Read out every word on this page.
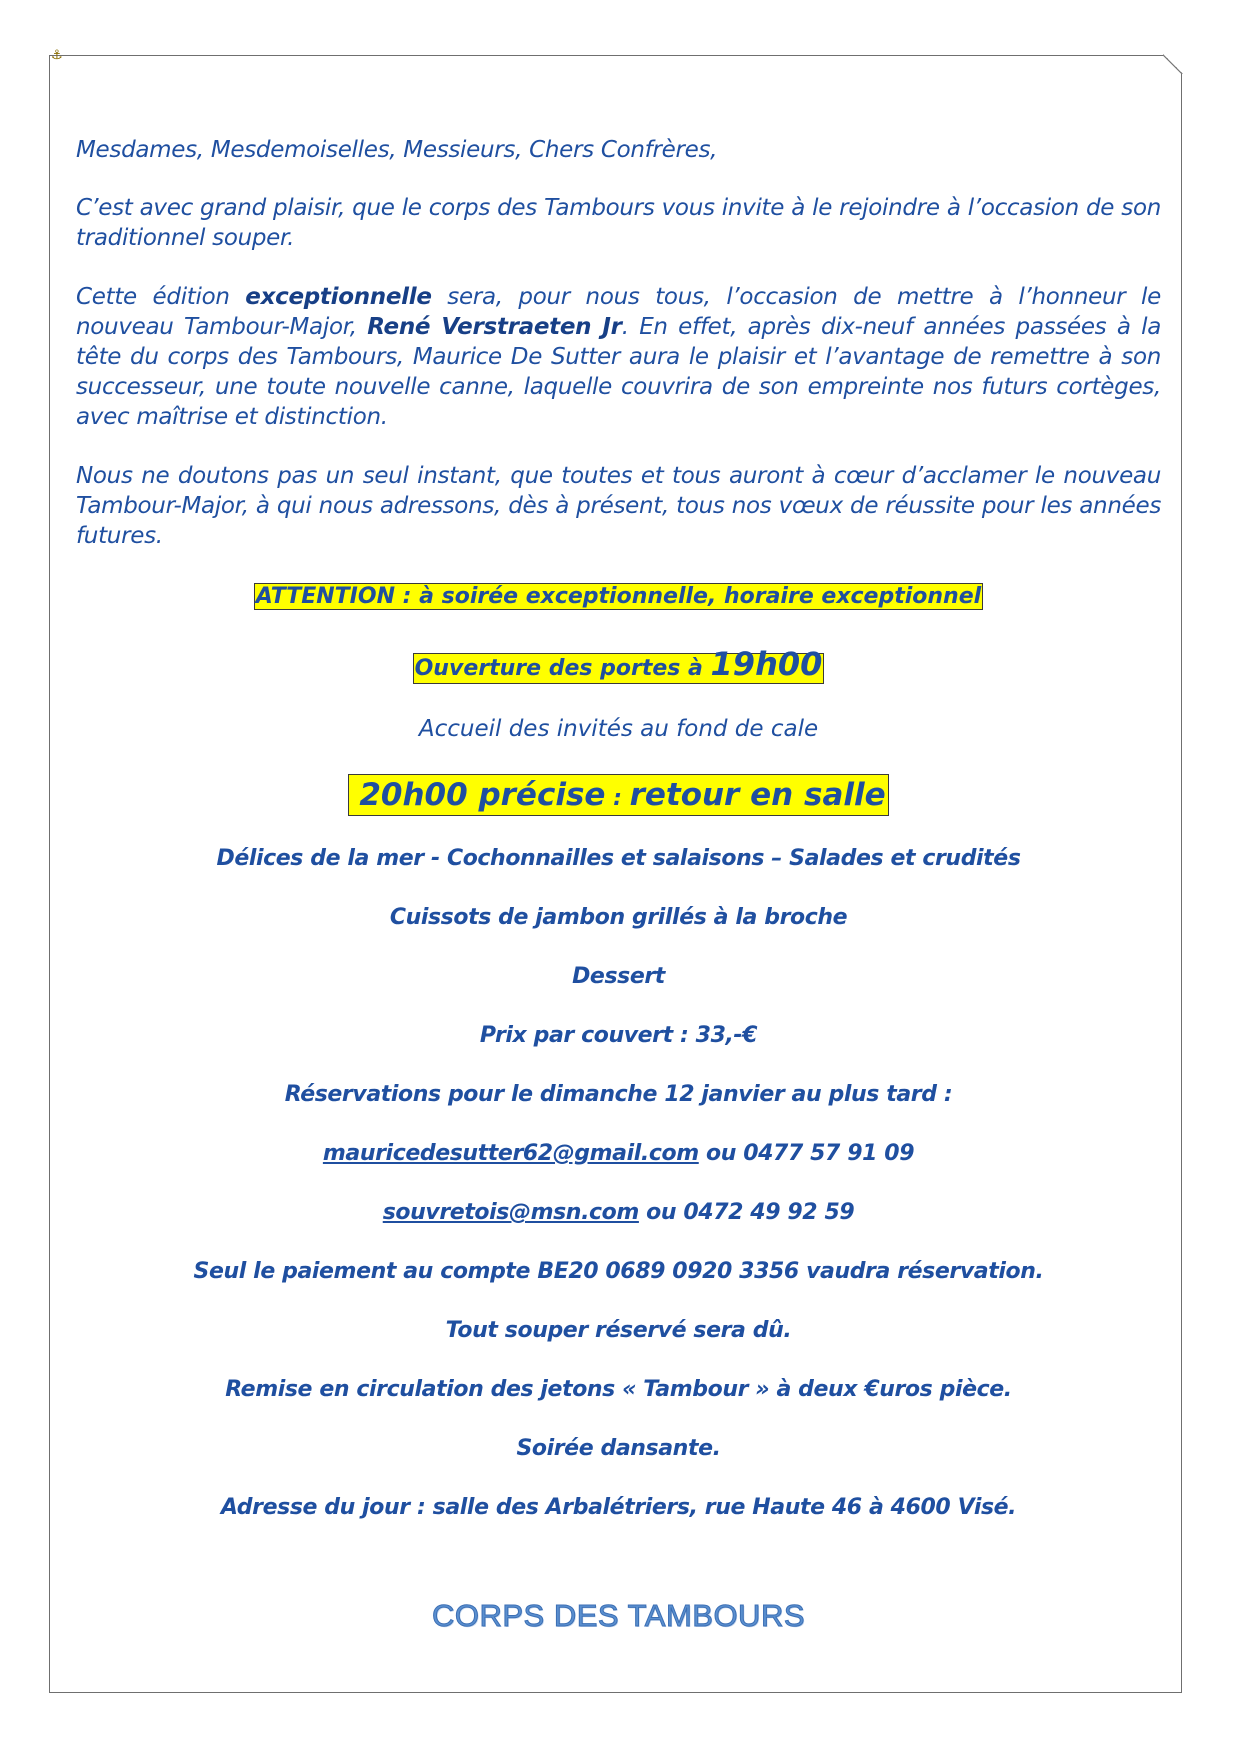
⚓

Mesdames, Mesdemoiselles, Messieurs, Chers Confrères,

C’est avec grand plaisir, que le corps des Tambours vous invite à le rejoindre à l’occasion de son traditionnel souper.

Cette édition exceptionnelle sera, pour nous tous, l’occasion de mettre à l’honneur le nouveau Tambour-Major, René Verstraeten Jr. En effet, après dix-neuf années passées à la tête du corps des Tambours, Maurice De Sutter aura le plaisir et l’avantage de remettre à son successeur, une toute nouvelle canne, laquelle couvrira de son empreinte nos futurs cortèges, avec maîtrise et distinction.

Nous ne doutons pas un seul instant, que toutes et tous auront à cœur d’acclamer le nouveau Tambour-Major, à qui nous adressons, dès à présent, tous nos vœux de réussite pour les années futures.

ATTENTION : à soirée exceptionnelle, horaire exceptionnel
Ouverture des portes à 19h00
Accueil des invités au fond de cale
20h00 précise : retour en salle
Délices de la mer - Cochonnailles et salaisons – Salades et crudités
Cuissots de jambon grillés à la broche
Dessert
Prix par couvert : 33,-€
Réservations pour le dimanche 12 janvier au plus tard :
mauricedesutter62@gmail.com ou 0477 57 91 09
souvretois@msn.com ou 0472 49 92 59
Seul le paiement au compte BE20 0689 0920 3356 vaudra réservation.
Tout souper réservé sera dû.
Remise en circulation des jetons « Tambour » à deux €uros pièce.
Soirée dansante.
Adresse du jour : salle des Arbalétriers, rue Haute 46 à 4600 Visé.
CORPS DES TAMBOURS
